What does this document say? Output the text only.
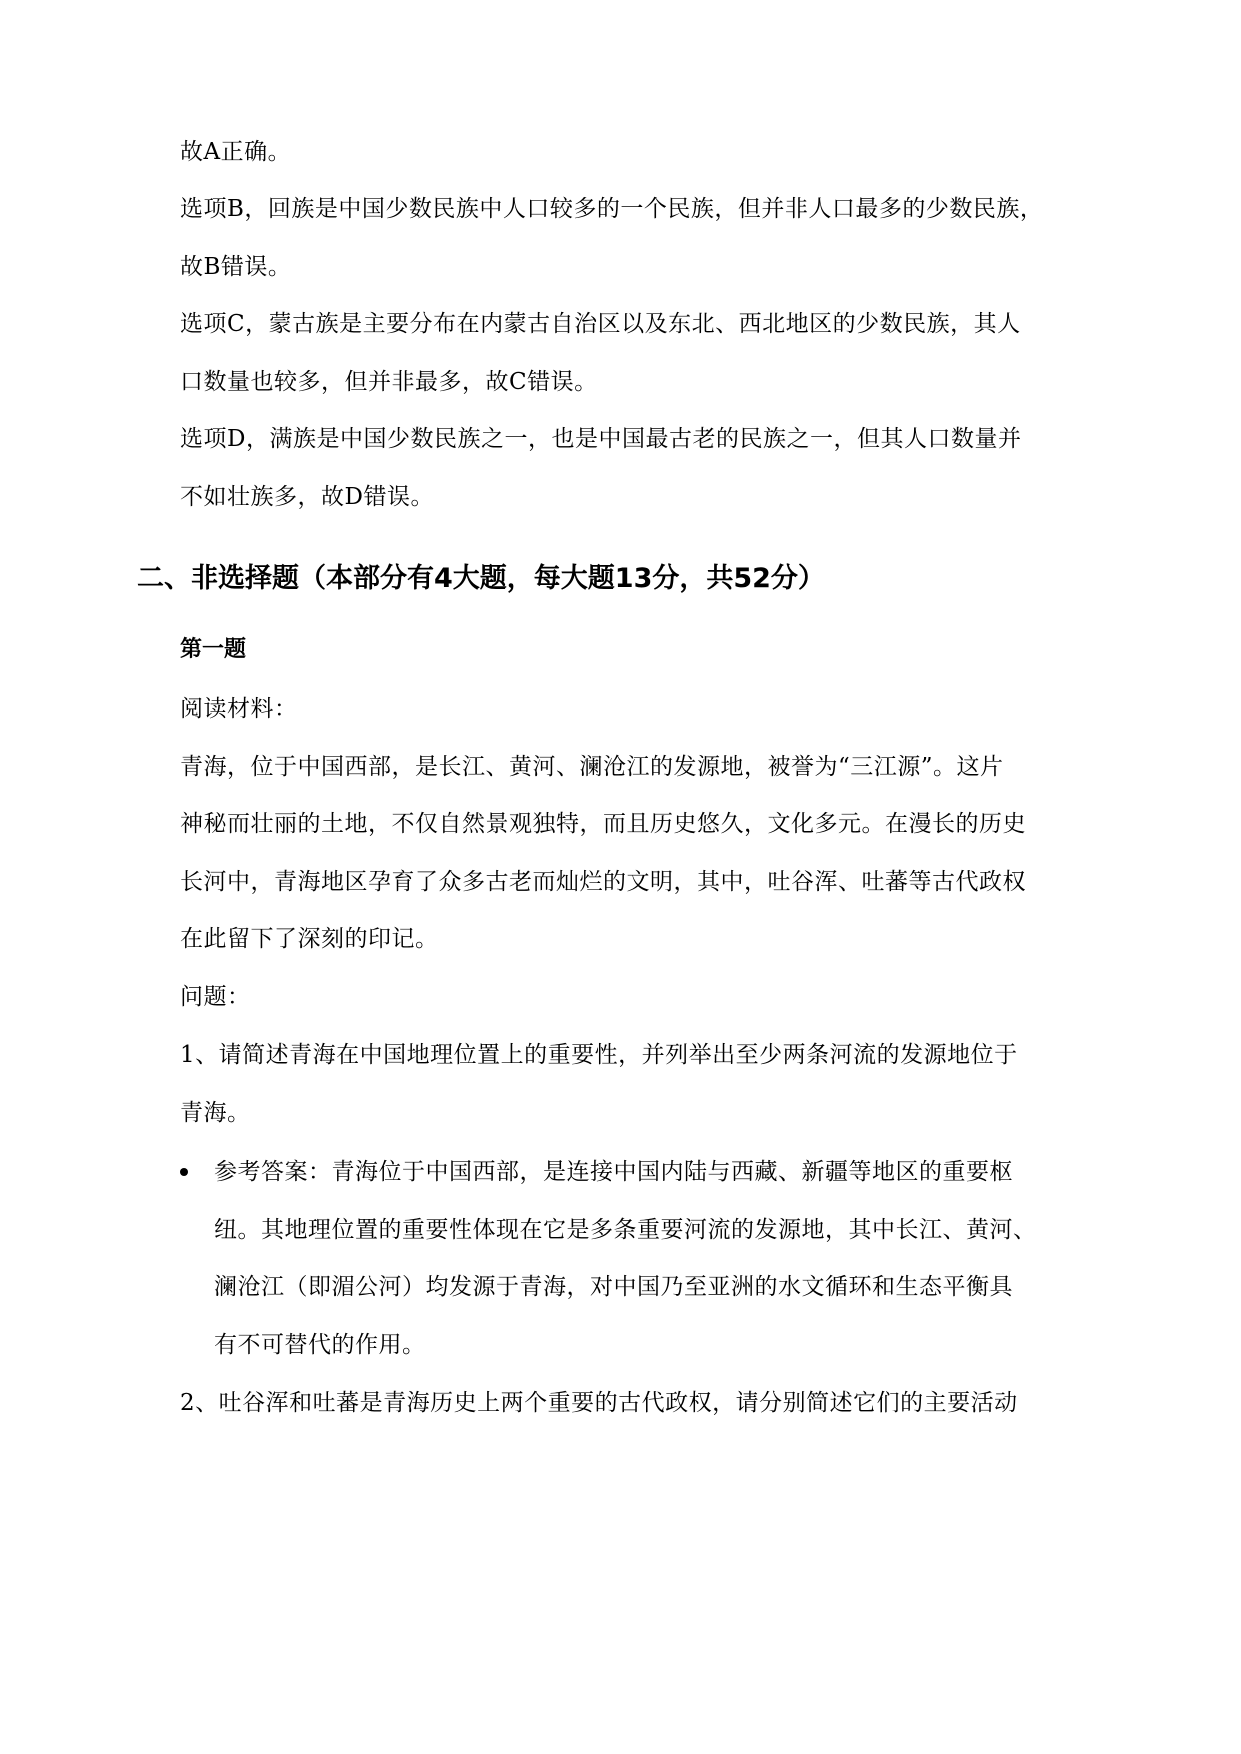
故A正确。
选项B，回族是中国少数民族中人口较多的一个民族，但并非人口最多的少数民族，
故B错误。
选项C，蒙古族是主要分布在内蒙古自治区以及东北、西北地区的少数民族，其人
口数量也较多，但并非最多，故C错误。
选项D，满族是中国少数民族之一，也是中国最古老的民族之一，但其人口数量并
不如壮族多，故D错误。
二、非选择题（本部分有4大题，每大题13分，共52分）
第一题
阅读材料：
青海，位于中国西部，是长江、黄河、澜沧江的发源地，被誉为“三江源”。这片
神秘而壮丽的土地，不仅自然景观独特，而且历史悠久，文化多元。在漫长的历史
长河中，青海地区孕育了众多古老而灿烂的文明，其中，吐谷浑、吐蕃等古代政权
在此留下了深刻的印记。
问题：
1、请简述青海在中国地理位置上的重要性，并列举出至少两条河流的发源地位于
青海。
参考答案：青海位于中国西部，是连接中国内陆与西藏、新疆等地区的重要枢
纽。其地理位置的重要性体现在它是多条重要河流的发源地，其中长江、黄河、
澜沧江（即湄公河）均发源于青海，对中国乃至亚洲的水文循环和生态平衡具
有不可替代的作用。
2、吐谷浑和吐蕃是青海历史上两个重要的古代政权，请分别简述它们的主要活动
